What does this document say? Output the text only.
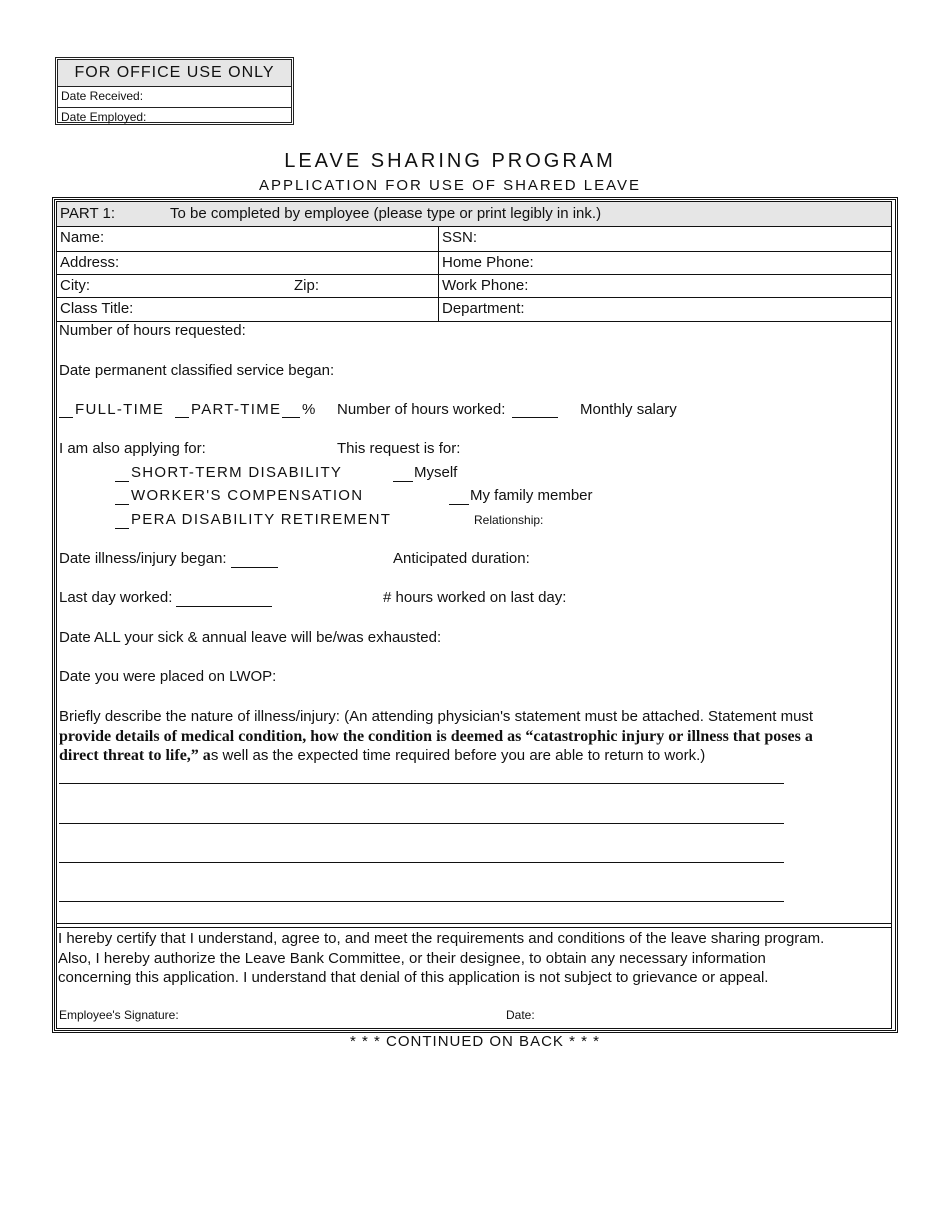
FOR OFFICE USE ONLY
Date Received:
Date Employed:
LEAVE SHARING PROGRAM
APPLICATION FOR USE OF SHARED LEAVE
PART 1:	To be completed by employee (please type or print legibly in ink.)
Name:	SSN:
Address:	Home Phone:
City:	Zip:	Work Phone:
Class Title:	Department:
Number of hours requested:
Date permanent classified service began:
FULL-TIME PART-TIME % Number of hours worked:	Monthly salary
I am also applying for:	This request is for:
SHORT-TERM DISABILITY	Myself
WORKER'S COMPENSATION	My family member
PERA DISABILITY RETIREMENT	Relationship:
Date illness/injury began:	Anticipated duration:
Last day worked:	# hours worked on last day:
Date ALL your sick & annual leave will be/was exhausted:
Date you were placed on LWOP:
Briefly describe the nature of illness/injury: (An attending physician's statement must be attached. Statement must
provide details of medical condition, how the condition is deemed as “catastrophic injury or illness that poses a
direct threat to life,” as well as the expected time required before you are able to return to work.)
I hereby certify that I understand, agree to, and meet the requirements and conditions of the leave sharing program.
Also, I hereby authorize the Leave Bank Committee, or their designee, to obtain any necessary information
concerning this application. I understand that denial of this application is not subject to grievance or appeal.
Employee's Signature:	Date:
* * * CONTINUED ON BACK * * *
